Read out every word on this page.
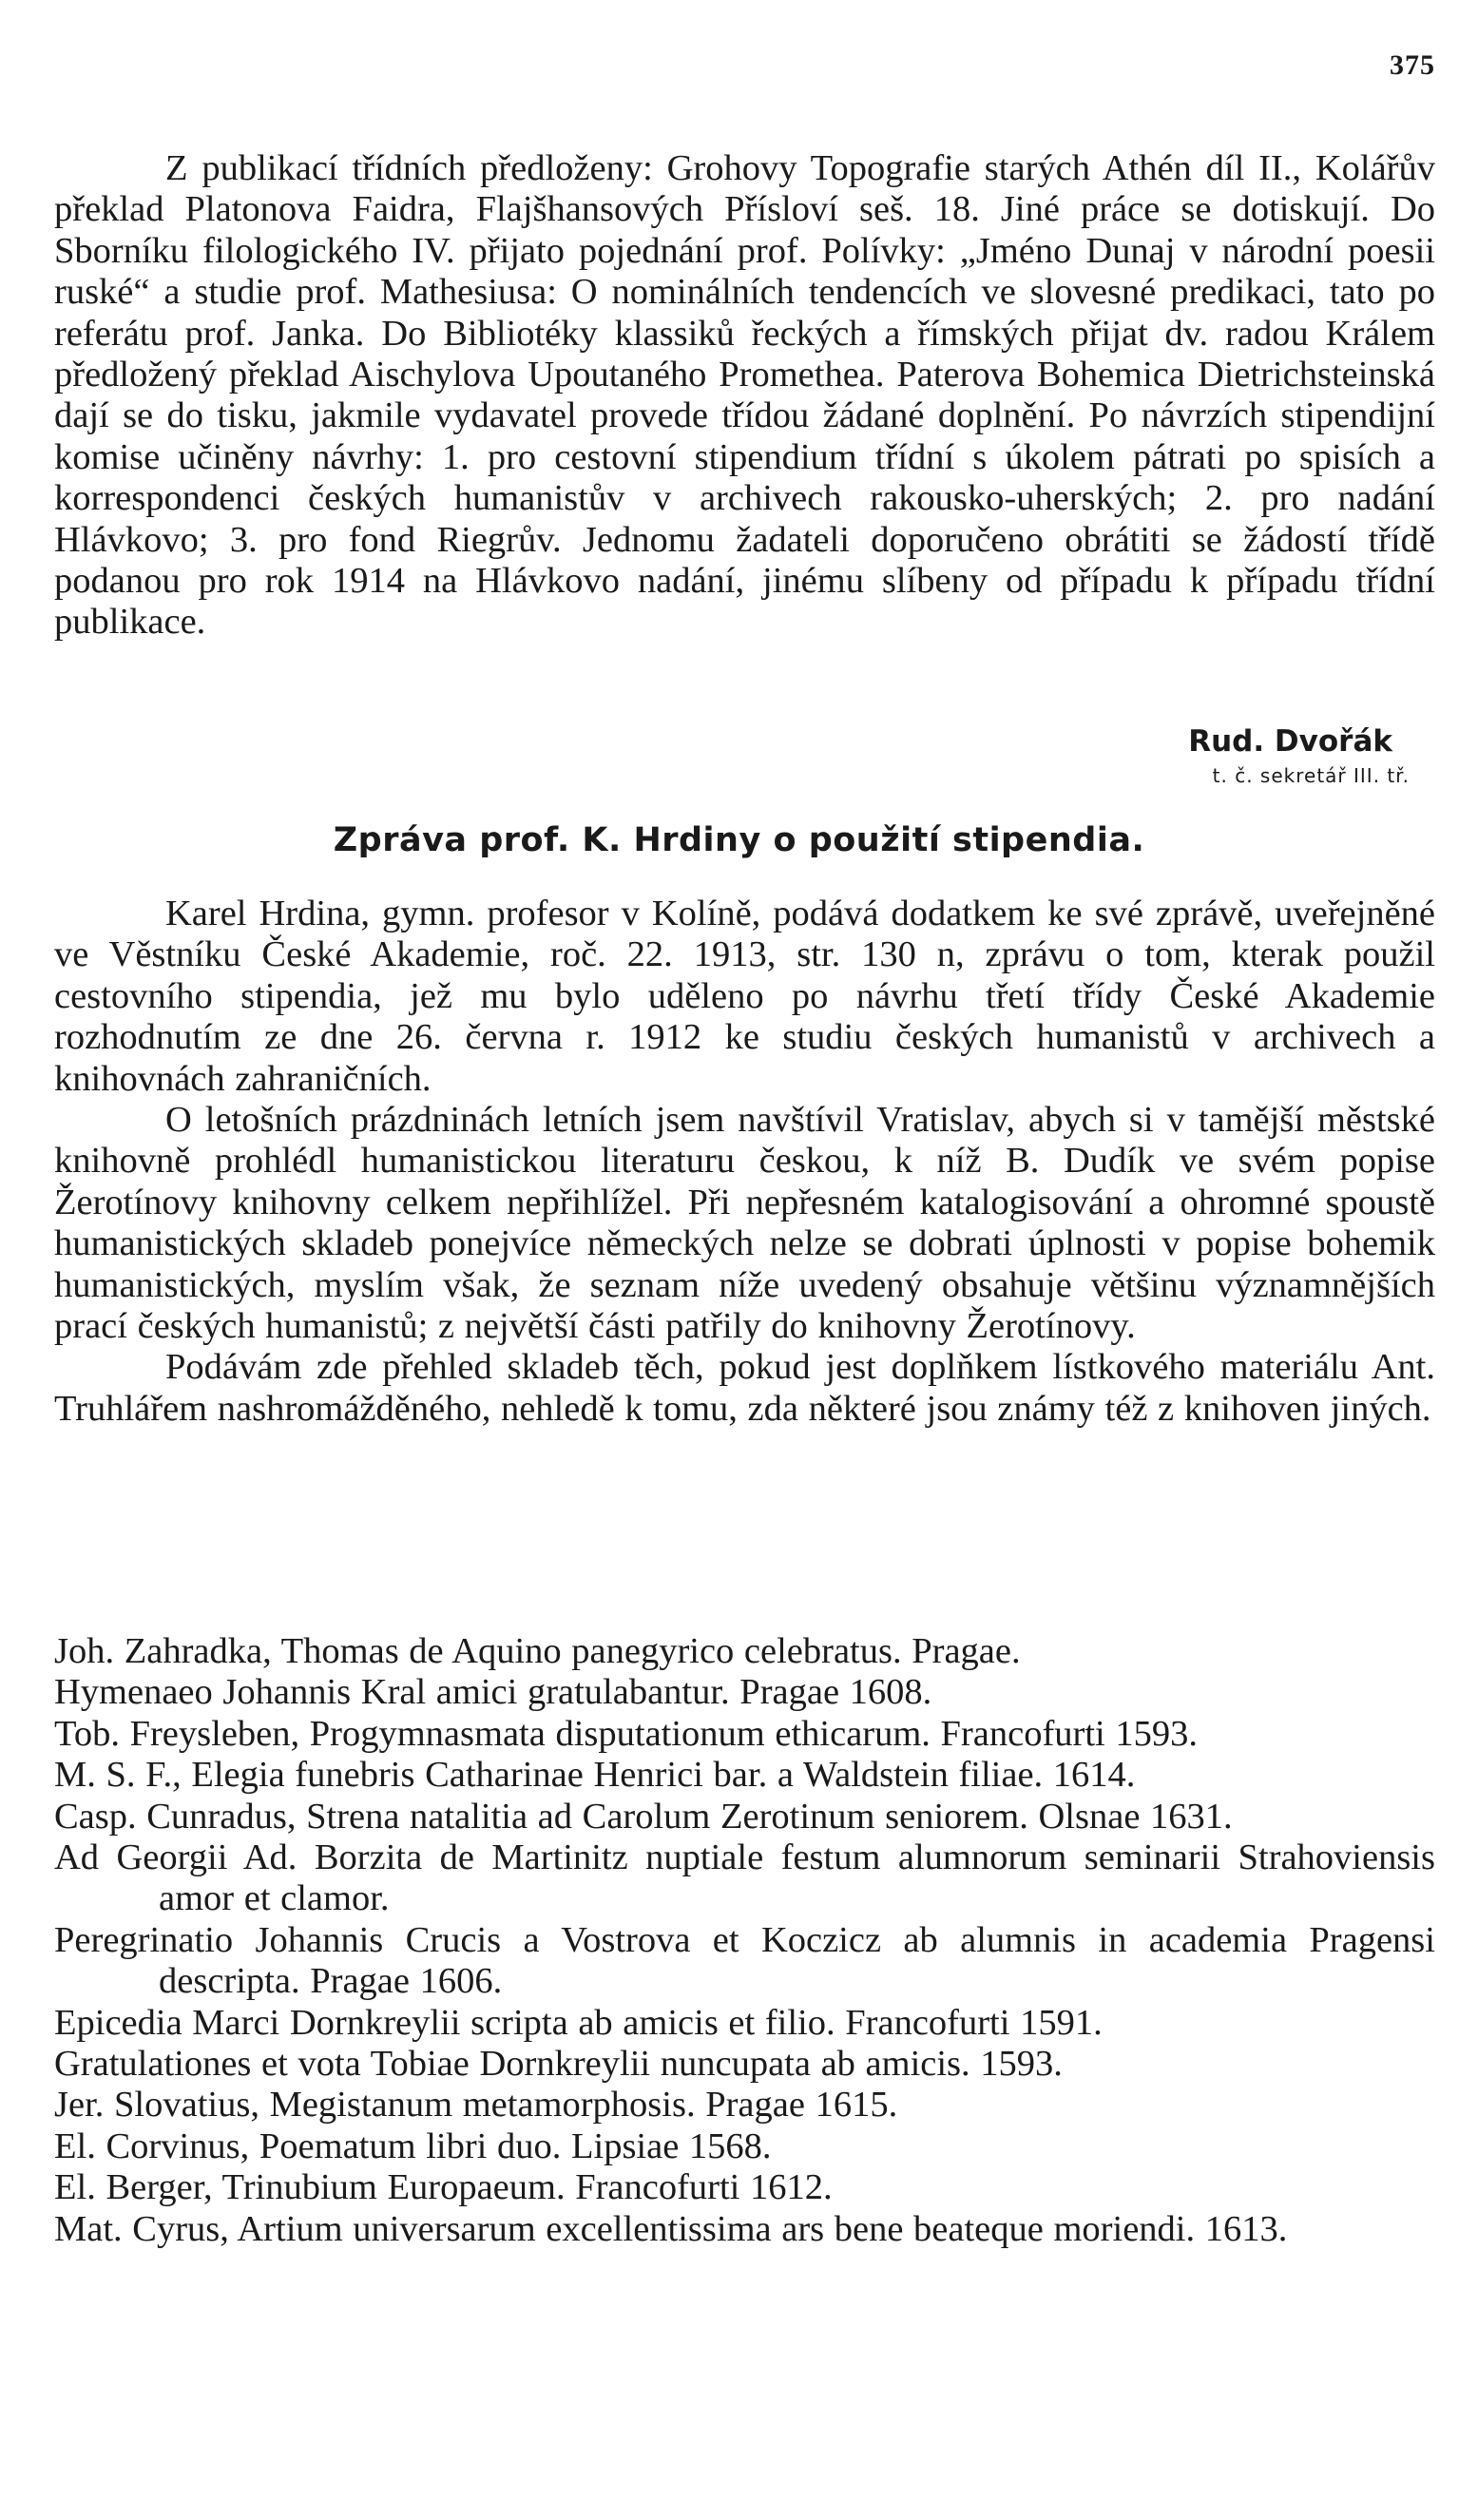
375

Z publikací třídních předloženy: Grohovy Topografie starých Athén díl II., Kolářův překlad Platonova Faidra, Flajšhansových Přísloví seš. 18. Jiné práce se dotiskují. Do Sborníku filologického IV. přijato pojednání prof. Polívky: „Jméno Dunaj v národní poesii ruské“ a studie prof. Mathesiusa: O nominálních tendencích ve slovesné predikaci, tato po referátu prof. Janka. Do Bibliotéky klassiků řeckých a římských přijat dv. radou Králem předložený překlad Aischylova Upoutaného Promethea. Paterova Bohemica Dietrichsteinská dají se do tisku, jakmile vydavatel provede třídou žádané doplnění. Po návrzích stipendijní komise učiněny návrhy: 1. pro cestovní stipendium třídní s úkolem pátrati po spisích a korrespondenci českých humanistův v archivech rakousko-uherských; 2. pro nadání Hlávkovo; 3. pro fond Riegrův. Jednomu žadateli doporučeno obrátiti se žádostí třídě podanou pro rok 1914 na Hlávkovo nadání, jinému slíbeny od případu k případu třídní publikace.

Rud. Dvořák
t. č. sekretář III. tř.
Zpráva prof. K. Hrdiny o použití stipendia.

Karel Hrdina, gymn. profesor v Kolíně, podává dodatkem ke své zprávě, uveřejněné ve Věstníku České Akademie, roč. 22. 1913, str. 130 n, zprávu o tom, kterak použil cestovního stipendia, jež mu bylo uděleno po návrhu třetí třídy České Akademie rozhodnutím ze dne 26. června r. 1912 ke studiu českých humanistů v archivech a knihovnách zahraničních.

O letošních prázdninách letních jsem navštívil Vratislav, abych si v tamější městské knihovně prohlédl humanistickou literaturu českou, k níž B. Dudík ve svém popise Žerotínovy knihovny celkem nepřihlížel. Při nepřesném katalogisování a ohromné spoustě humanistických skladeb ponejvíce německých nelze se dobrati úplnosti v popise bohemik humanistických, myslím však, že seznam níže uvedený obsahuje většinu významnějších prací českých humanistů; z největší části patřily do knihovny Žerotínovy.

Podávám zde přehled skladeb těch, pokud jest doplňkem lístkového materiálu Ant. Truhlářem nashromážděného, nehledě k tomu, zda některé jsou známy též z knihoven jiných.

Joh. Zahradka, Thomas de Aquino panegyrico celebratus. Pragae.
Hymenaeo Johannis Kral amici gratulabantur. Pragae 1608.
Tob. Freysleben, Progymnasmata disputationum ethicarum. Francofurti 1593.
M. S. F., Elegia funebris Catharinae Henrici bar. a Waldstein filiae. 1614.
Casp. Cunradus, Strena natalitia ad Carolum Zerotinum seniorem. Olsnae 1631.
Ad Georgii Ad. Borzita de Martinitz nuptiale festum alumnorum seminarii Strahoviensis amor et clamor.
Peregrinatio Johannis Crucis a Vostrova et Koczicz ab alumnis in academia Pragensi descripta. Pragae 1606.
Epicedia Marci Dornkreylii scripta ab amicis et filio. Francofurti 1591.
Gratulationes et vota Tobiae Dornkreylii nuncupata ab amicis. 1593.
Jer. Slovatius, Megistanum metamorphosis. Pragae 1615.
El. Corvinus, Poematum libri duo. Lipsiae 1568.
El. Berger, Trinubium Europaeum. Francofurti 1612.
Mat. Cyrus, Artium universarum excellentissima ars bene beateque moriendi. 1613.
